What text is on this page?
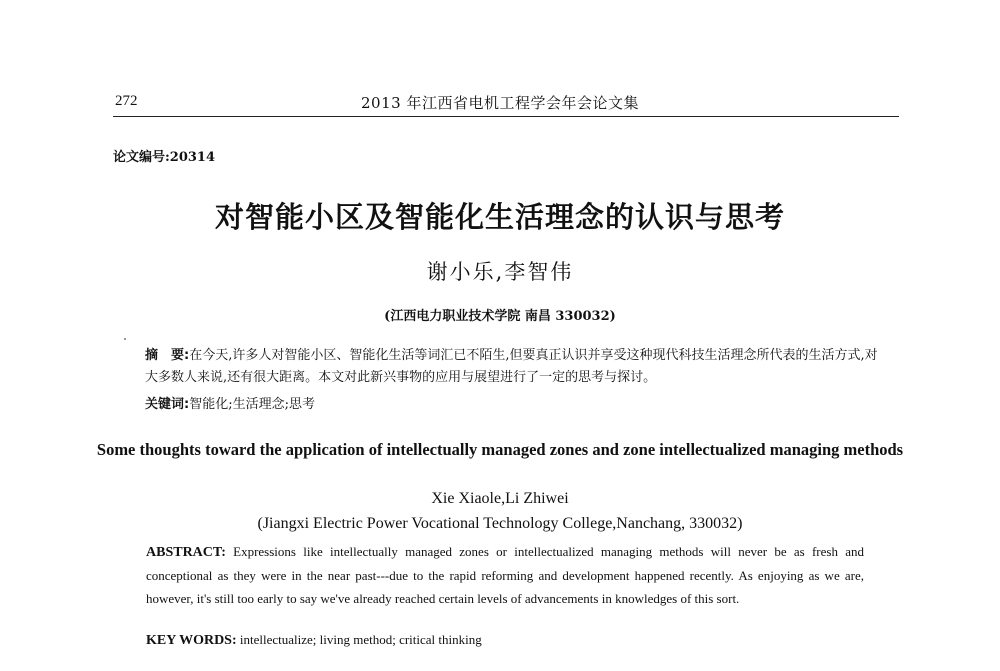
272	2013 年江西省电机工程学会年会论文集
论文编号:20314
对智能小区及智能化生活理念的认识与思考
谢小乐,李智伟
(江西电力职业技术学院 南昌 330032)
摘　要:在今天,许多人对智能小区、智能化生活等词汇已不陌生,但要真正认识并享受这种现代科技生活理念所代表的生活方式,对大多数人来说,还有很大距离。本文对此新兴事物的应用与展望进行了一定的思考与探讨。
关键词:智能化;生活理念;思考
Some thoughts toward the application of intellectually managed zones and zone intellectualized managing methods
Xie Xiaole,Li Zhiwei
(Jiangxi Electric Power Vocational Technology College,Nanchang, 330032)
ABSTRACT: Expressions like intellectually managed zones or intellectualized managing methods will never be as fresh and conceptional as they were in the near past---due to the rapid reforming and development happened recently. As enjoying as we are, however, it's still too early to say we've already reached certain levels of advancements in knowledges of this sort.
KEY WORDS: intellectualize; living method; critical thinking
